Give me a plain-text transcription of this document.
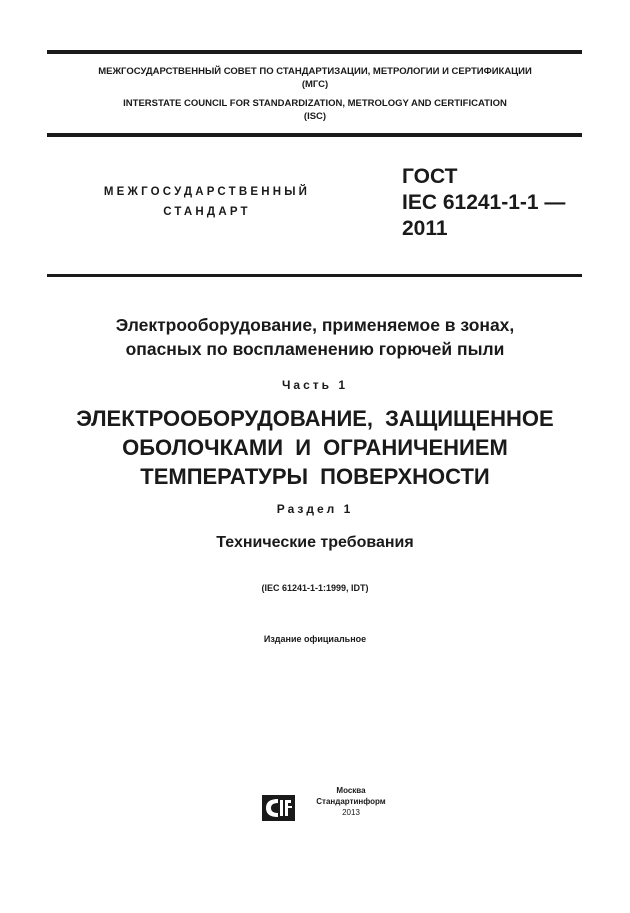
МЕЖГОСУДАРСТВЕННЫЙ СОВЕТ ПО СТАНДАРТИЗАЦИИ, МЕТРОЛОГИИ И СЕРТИФИКАЦИИ
(МГС)
INTERSTATE COUNCIL FOR STANDARDIZATION, METROLOGY AND CERTIFICATION
(ISC)
МЕЖГОСУДАРСТВЕННЫЙ
СТАНДАРТ
ГОСТ
IEC 61241-1-1 —
2011
Электрооборудование, применяемое в зонах,
опасных по воспламенению горючей пыли
Часть 1
ЭЛЕКТРООБОРУДОВАНИЕ, ЗАЩИЩЕННОЕ
ОБОЛОЧКАМИ И ОГРАНИЧЕНИЕМ
ТЕМПЕРАТУРЫ ПОВЕРХНОСТИ
Раздел 1
Технические требования
(IEC 61241-1-1:1999, IDT)
Издание официальное
Москва
Стандартинформ
2013
